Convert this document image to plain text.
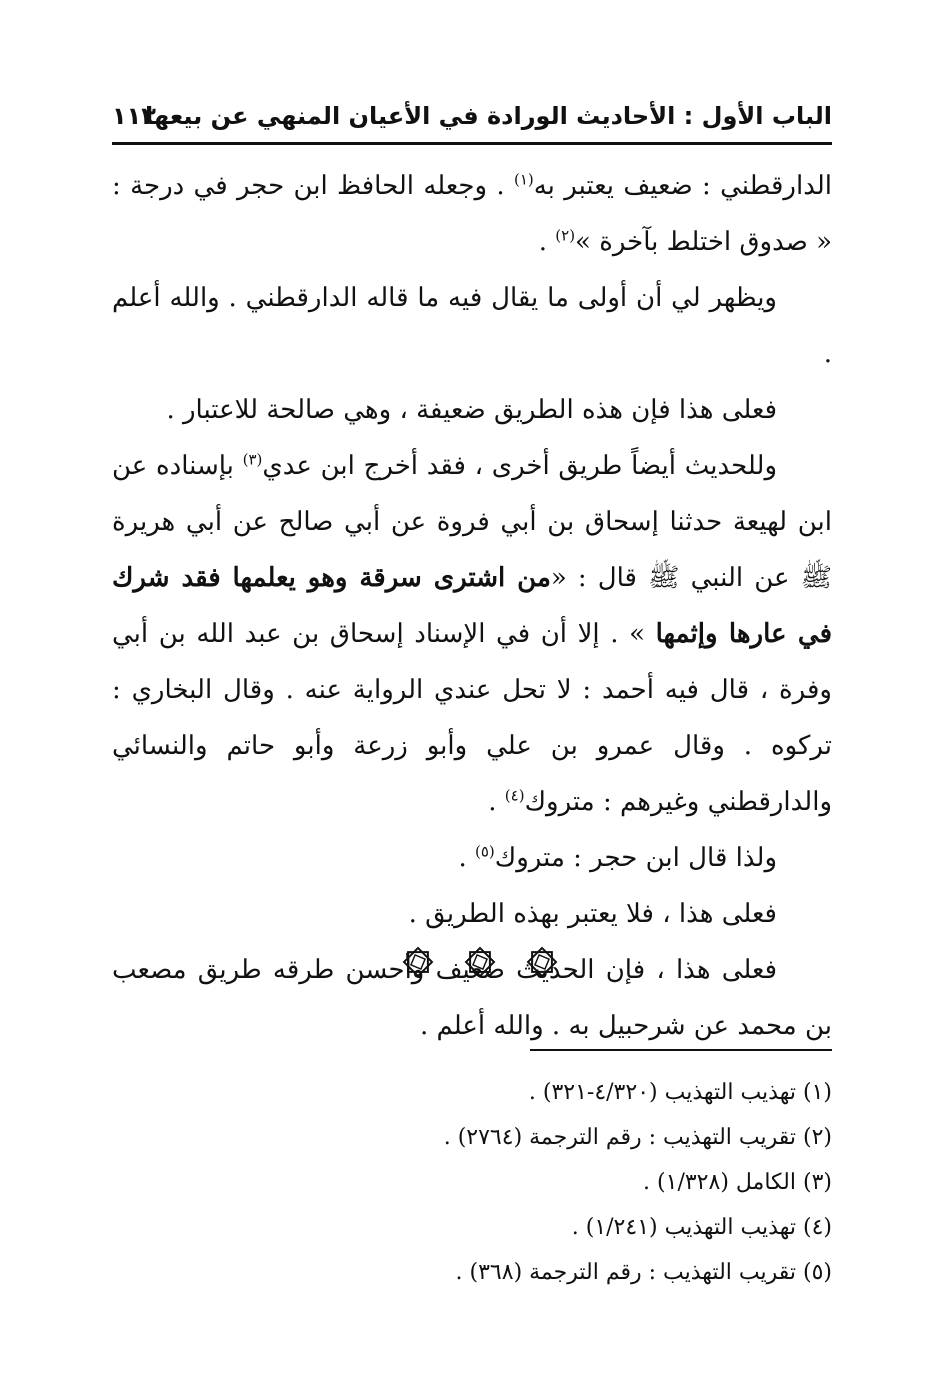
الباب الأول : الأحاديث الورادة في الأعيان المنهي عن بيعها
١١٣

الدارقطني : ضعيف يعتبر به$^{(١)}$ . وجعله الحافظ ابن حجر في درجة : « صدوق اختلط بآخرة »$^{(٢)}$ .

ويظهر لي أن أولى ما يقال فيه ما قاله الدارقطني . والله أعلم .

فعلى هذا فإن هذه الطريق ضعيفة ، وهي صالحة للاعتبار .

وللحديث أيضاً طريق أخرى ، فقد أخرج ابن عدي$^{(٣)}$ بإسناده عن ابن لهيعة حدثنا إسحاق بن أبي فروة عن أبي صالح عن أبي هريرة ﷺ عن النبي ﷺ قال : «من اشترى سرقة وهو يعلمها فقد شرك في عارها وإثمها » . إلا أن في الإسناد إسحاق بن عبد الله بن أبي وفرة ، قال فيه أحمد : لا تحل عندي الرواية عنه . وقال البخاري : تركوه . وقال عمرو بن علي وأبو زرعة وأبو حاتم والنسائي والدارقطني وغيرهم : متروك$^{(٤)}$ .

ولذا قال ابن حجر : متروك$^{(٥)}$ .

فعلى هذا ، فلا يعتبر بهذه الطريق .

فعلى هذا ، فإن الحديث ضعيف وأحسن طرقه طريق مصعب بن محمد عن شرحبيل به . والله أعلم .

(١) تهذيب التهذيب (٤/٣٢٠-٣٢١) .

(٢) تقريب التهذيب : رقم الترجمة (٢٧٦٤) .

(٣) الكامل (١/٣٢٨) .

(٤) تهذيب التهذيب (١/٢٤١) .

(٥) تقريب التهذيب : رقم الترجمة (٣٦٨) .
